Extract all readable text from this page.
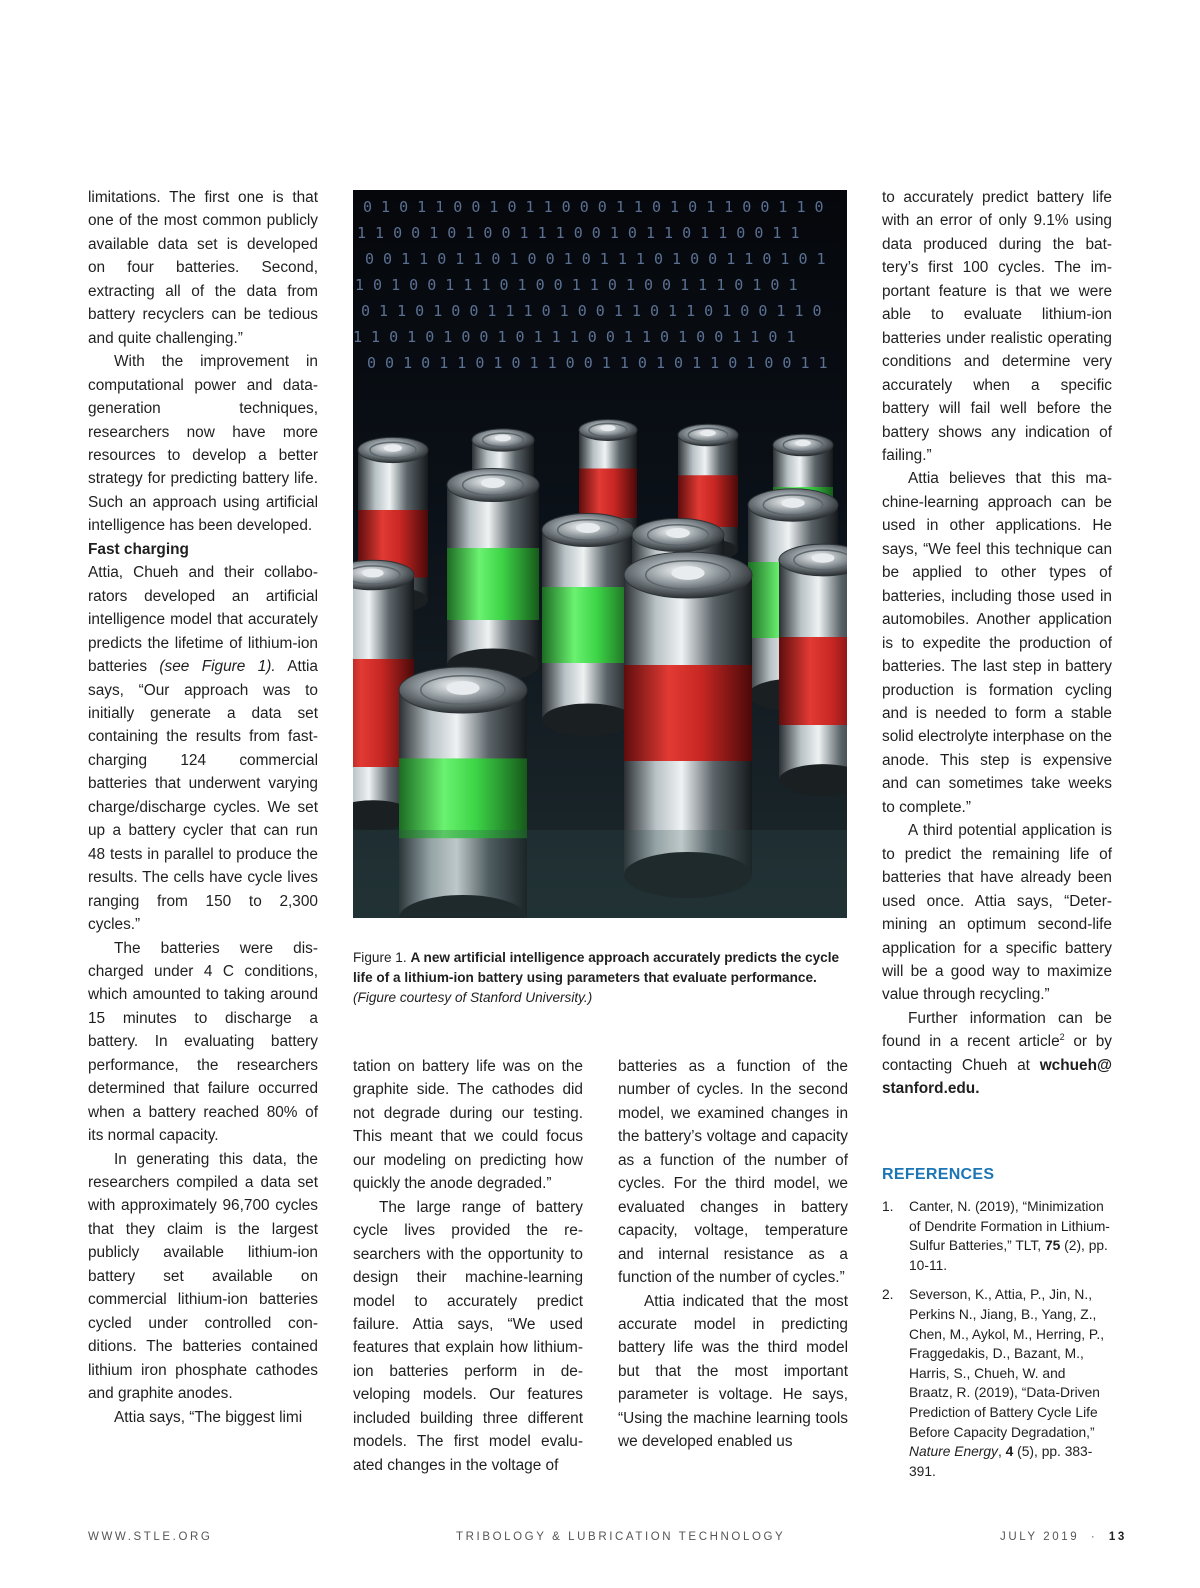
limitations. The first one is that one of the most common publicly available data set is developed on four batteries. Second, extracting all of the data from battery recyclers can be tedious and quite challenging.”

With the improvement in computational power and data-generation techniques, researchers now have more resources to develop a better strategy for predicting battery life. Such an approach using artificial intelligence has been developed.

Fast charging

Attia, Chueh and their collaborators developed an artificial intelligence model that accurately predicts the lifetime of lithium-ion batteries (see Figure 1). Attia says, “Our approach was to initially generate a data set containing the results from fast-charging 124 commercial batteries that underwent varying charge/discharge cycles. We set up a battery cycler that can run 48 tests in parallel to produce the results. The cells have cycle lives ranging from 150 to 2,300 cycles.”

The batteries were discharged under 4 C conditions, which amounted to taking around 15 minutes to discharge a battery. In evaluating battery performance, the researchers determined that failure occurred when a battery reached 80% of its normal capacity.

In generating this data, the researchers compiled a data set with approximately 96,700 cycles that they claim is the largest publicly available lithium-ion battery set available on commercial lithium-ion batteries cycled under controlled conditions. The batteries contained lithium iron phosphate cathodes and graphite anodes.

Attia says, “The biggest limi

0 1 0 1 1 0 0 1 0 1 1 0 0 0 1 1 0 1 0 1 1 0 0 1 1 0
1 1 0 0 1 0 1 0 0 1 1 1 0 0 1 0 1 1 0 1 1 0 0 1 1
0 0 1 1 0 1 1 0 1 0 0 1 0 1 1 1 0 1 0 0 1 1 0 1 0 1
1 0 1 0 0 1 1 1 0 1 0 0 1 1 0 1 0 0 1 1 1 0 1 0 1
0 1 1 0 1 0 0 1 1 1 0 1 0 0 1 1 0 1 1 0 1 0 0 1 1 0
1 1 0 1 0 1 0 0 1 0 1 1 1 0 0 1 1 0 1 0 0 1 1 0 1
0 0 1 0 1 1 0 1 0 1 1 0 0 1 1 0 1 0 1 1 0 1 0 0 1 1
Figure 1. A new artificial intelligence approach accurately predicts the cycle life of a lithium-ion battery using parameters that evaluate performance. (Figure courtesy of Stanford University.)

tation on battery life was on the graphite side. The cathodes did not degrade during our testing. This meant that we could focus our modeling on predicting how quickly the anode degraded.”

The large range of battery cycle lives provided the researchers with the opportunity to design their machine-learning model to accurately predict failure. Attia says, “We used features that explain how lithium-ion batteries perform in developing models. Our features included building three different models. The first model evaluated changes in the voltage of

batteries as a function of the number of cycles. In the second model, we examined changes in the battery’s voltage and capacity as a function of the number of cycles. For the third model, we evaluated changes in battery capacity, voltage, temperature and internal resistance as a function of the number of cycles.”

Attia indicated that the most accurate model in predicting battery life was the third model but that the most important parameter is voltage. He says, “Using the machine learning tools we developed enabled us

to accurately predict battery life with an error of only 9.1% using data produced during the battery’s first 100 cycles. The important feature is that we were able to evaluate lithium-ion batteries under realistic operating conditions and determine very accurately when a specific battery will fail well before the battery shows any indication of failing.”

Attia believes that this machine-learning approach can be used in other applications. He says, “We feel this technique can be applied to other types of batteries, including those used in automobiles. Another application is to expedite the production of batteries. The last step in battery production is formation cycling and is needed to form a stable solid electrolyte interphase on the anode. This step is expensive and can sometimes take weeks to complete.”

A third potential application is to predict the remaining life of batteries that have already been used once. Attia says, “Determining an optimum second-life application for a specific battery will be a good way to maximize value through recycling.”

Further information can be found in a recent article$^2$ or by contacting Chueh at wchueh@ stanford.edu.

REFERENCES
1. Canter, N. (2019), “Minimization of Dendrite Formation in Lithium-Sulfur Batteries,” TLT, 75 (2), pp. 10-11.
2. Severson, K., Attia, P., Jin, N., Perkins N., Jiang, B., Yang, Z., Chen, M., Aykol, M., Herring, P., Fraggedakis, D., Bazant, M., Harris, S., Chueh, W. and Braatz, R. (2019), “Data-Driven Prediction of Battery Cycle Life Before Capacity Degradation,” Nature Energy, 4 (5), pp. 383-391.
WWW.STLE.ORG	TRIBOLOGY & LUBRICATION TECHNOLOGY	JULY 2019 · 13
